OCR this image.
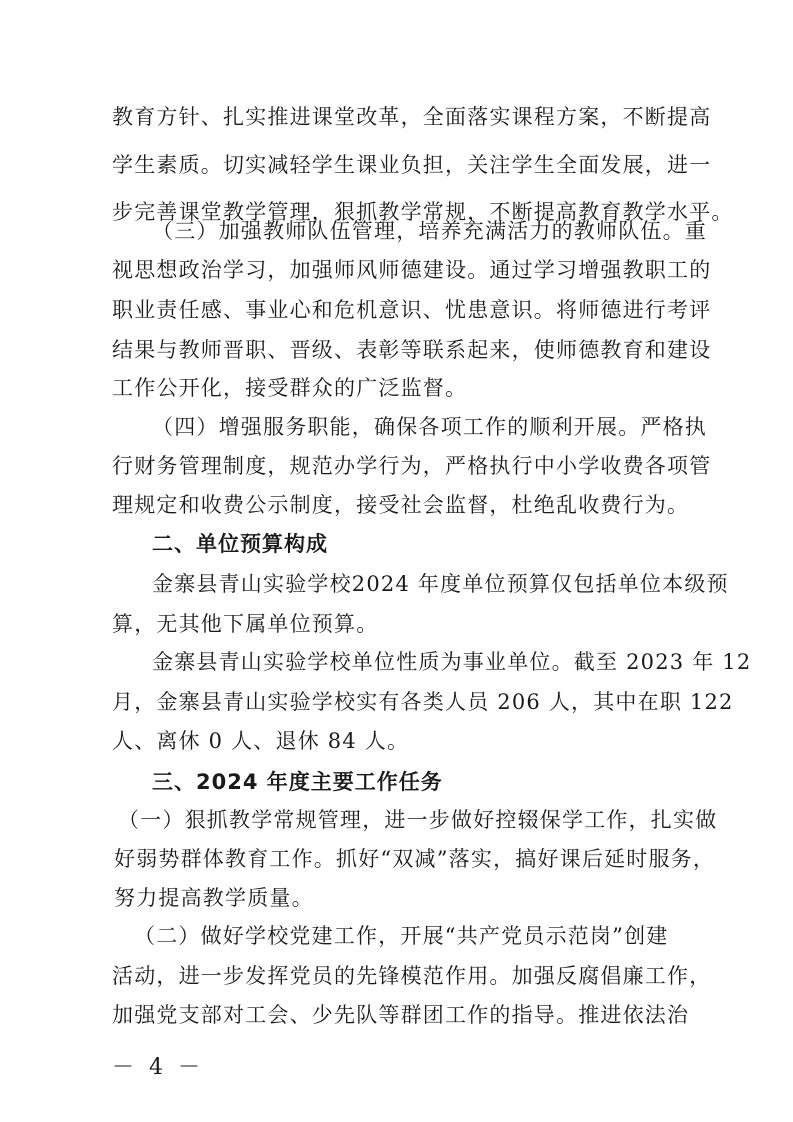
教育方针、扎实推进课堂改革，全面落实课程方案，不断提高
学生素质。切实减轻学生课业负担，关注学生全面发展，进一
步完善课堂教学管理，狠抓教学常规，不断提高教育教学水平。
（三）加强教师队伍管理，培养充满活力的教师队伍。重
视思想政治学习，加强师风师德建设。通过学习增强教职工的
职业责任感、事业心和危机意识、忧患意识。将师德进行考评
结果与教师晋职、晋级、表彰等联系起来，使师德教育和建设
工作公开化，接受群众的广泛监督。
（四）增强服务职能，确保各项工作的顺利开展。严格执
行财务管理制度，规范办学行为，严格执行中小学收费各项管
理规定和收费公示制度，接受社会监督，杜绝乱收费行为。
二、单位预算构成
金寨县青山实验学校2024 年度单位预算仅包括单位本级预
算，无其他下属单位预算。
金寨县青山实验学校单位性质为事业单位。截至 2023 年 12
月，金寨县青山实验学校实有各类人员 206 人，其中在职 122
人、离休 0 人、退休 84 人。
三、2024 年度主要工作任务
（一）狠抓教学常规管理，进一步做好控辍保学工作，扎实做
好弱势群体教育工作。抓好“双减”落实，搞好课后延时服务，
努力提高教学质量。
（二）做好学校党建工作，开展“共产党员示范岗”创建
活动，进一步发挥党员的先锋模范作用。加强反腐倡廉工作，
加强党支部对工会、少先队等群团工作的指导。推进依法治
－ 4 －
